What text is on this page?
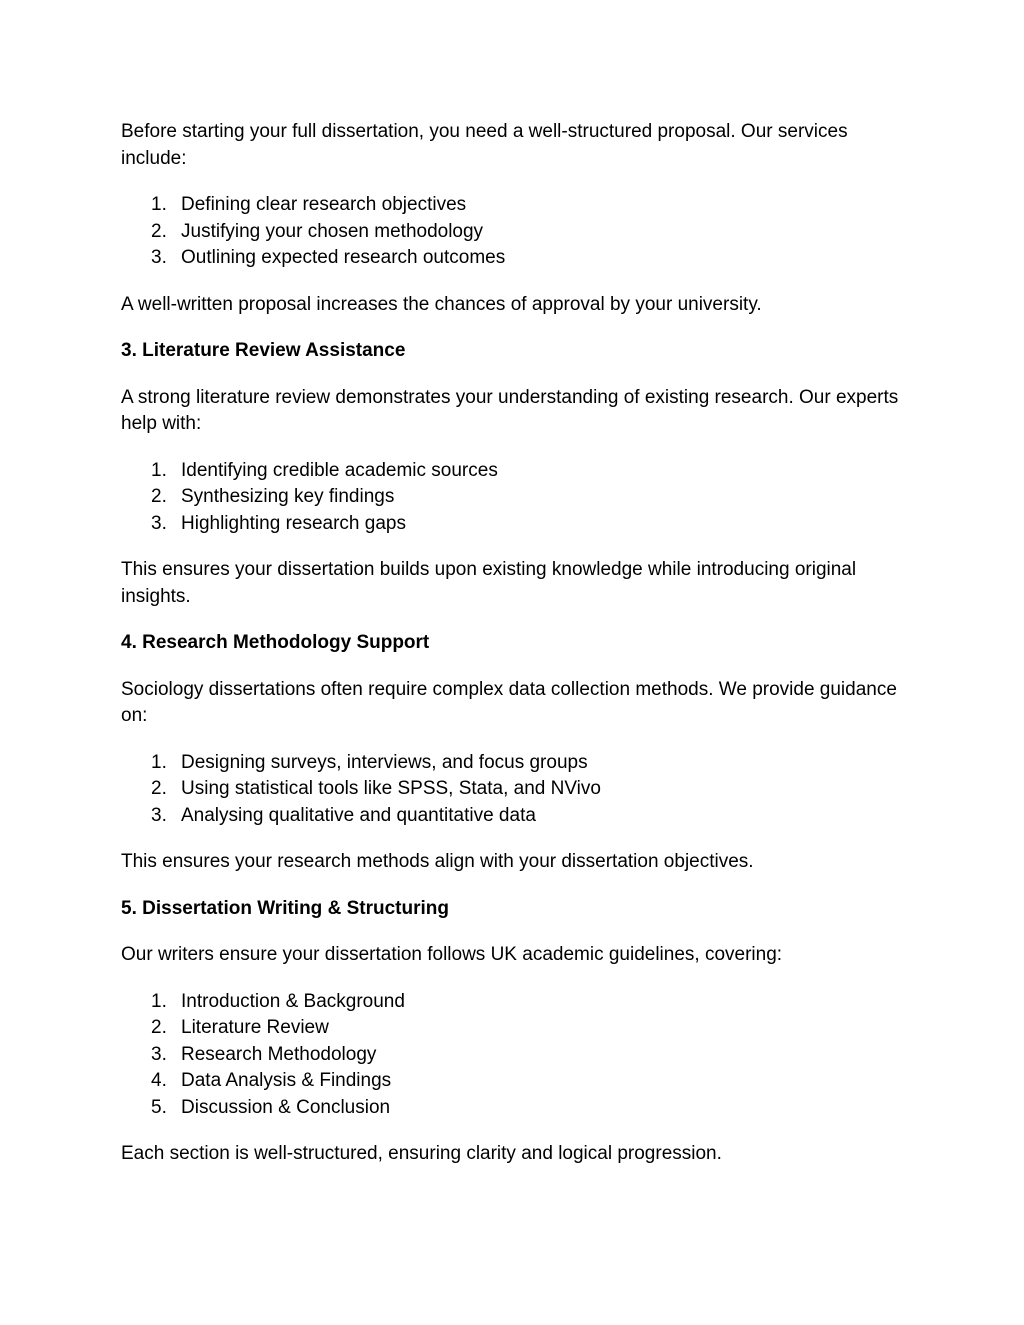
Before starting your full dissertation, you need a well-structured proposal. Our services include:

1. Defining clear research objectives
2. Justifying your chosen methodology
3. Outlining expected research outcomes

A well-written proposal increases the chances of approval by your university.

3. Literature Review Assistance

A strong literature review demonstrates your understanding of existing research. Our experts help with:

1. Identifying credible academic sources
2. Synthesizing key findings
3. Highlighting research gaps

This ensures your dissertation builds upon existing knowledge while introducing original insights.

4. Research Methodology Support

Sociology dissertations often require complex data collection methods. We provide guidance on:

1. Designing surveys, interviews, and focus groups
2. Using statistical tools like SPSS, Stata, and NVivo
3. Analysing qualitative and quantitative data

This ensures your research methods align with your dissertation objectives.

5. Dissertation Writing & Structuring

Our writers ensure your dissertation follows UK academic guidelines, covering:

1. Introduction & Background
2. Literature Review
3. Research Methodology
4. Data Analysis & Findings
5. Discussion & Conclusion

Each section is well-structured, ensuring clarity and logical progression.
